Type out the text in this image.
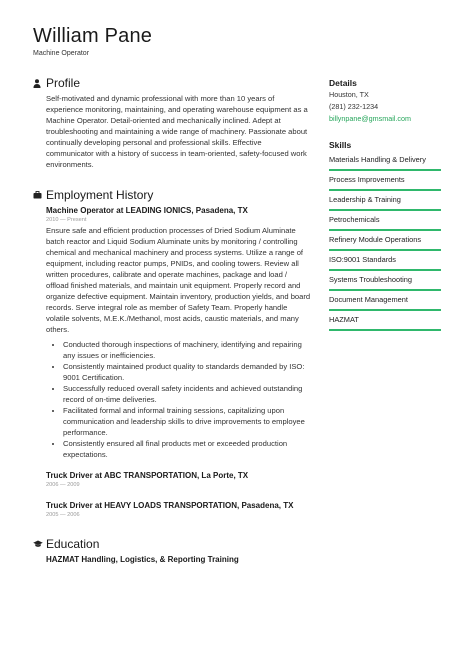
William Pane
Machine Operator
Profile
Self-motivated and dynamic professional with more than 10 years of experience monitoring, maintaining, and operating warehouse equipment as a Machine Operator. Detail-oriented and mechanically inclined. Adept at troubleshooting and maintaining a wide range of machinery. Passionate about continually developing personal and professional skills. Effective communicator with a history of success in team-oriented, safety-focused work environments.
Employment History
Machine Operator at LEADING IONICS, Pasadena, TX
2010 — Present
Ensure safe and efficient production processes of Dried Sodium Aluminate batch reactor and Liquid Sodium Aluminate units by monitoring / controlling chemical and mechanical machinery and process systems. Utilize a range of equipment, including reactor pumps, PNIDs, and cooling towers. Review all written procedures, calibrate and operate machines, package and load / offload finished materials, and maintain unit equipment. Properly record and organize defective equipment. Maintain inventory, production yields, and board records. Serve integral role as member of Safety Team. Properly handle volatile solvents, M.E.K./Methanol, most acids, caustic materials, and many others.
• Conducted thorough inspections of machinery, identifying and repairing any issues or inefficiencies.
• Consistently maintained product quality to standards demanded by ISO: 9001 Certification.
• Successfully reduced overall safety incidents and achieved outstanding record of on-time deliveries.
• Facilitated formal and informal training sessions, capitalizing upon communication and leadership skills to drive improvements to employee performance.
• Consistently ensured all final products met or exceeded production expectations.
Truck Driver at ABC TRANSPORTATION, La Porte, TX
2006 — 2009
Truck Driver at HEAVY LOADS TRANSPORTATION, Pasadena, TX
2005 — 2006
Education
HAZMAT Handling, Logistics, & Reporting Training
Details
Houston, TX
(281) 232-1234
billynpane@gmsmail.com
Skills
Materials Handling & Delivery
Process Improvements
Leadership & Training
Petrochemicals
Refinery Module Operations
ISO:9001 Standards
Systems Troubleshooting
Document Management
HAZMAT
